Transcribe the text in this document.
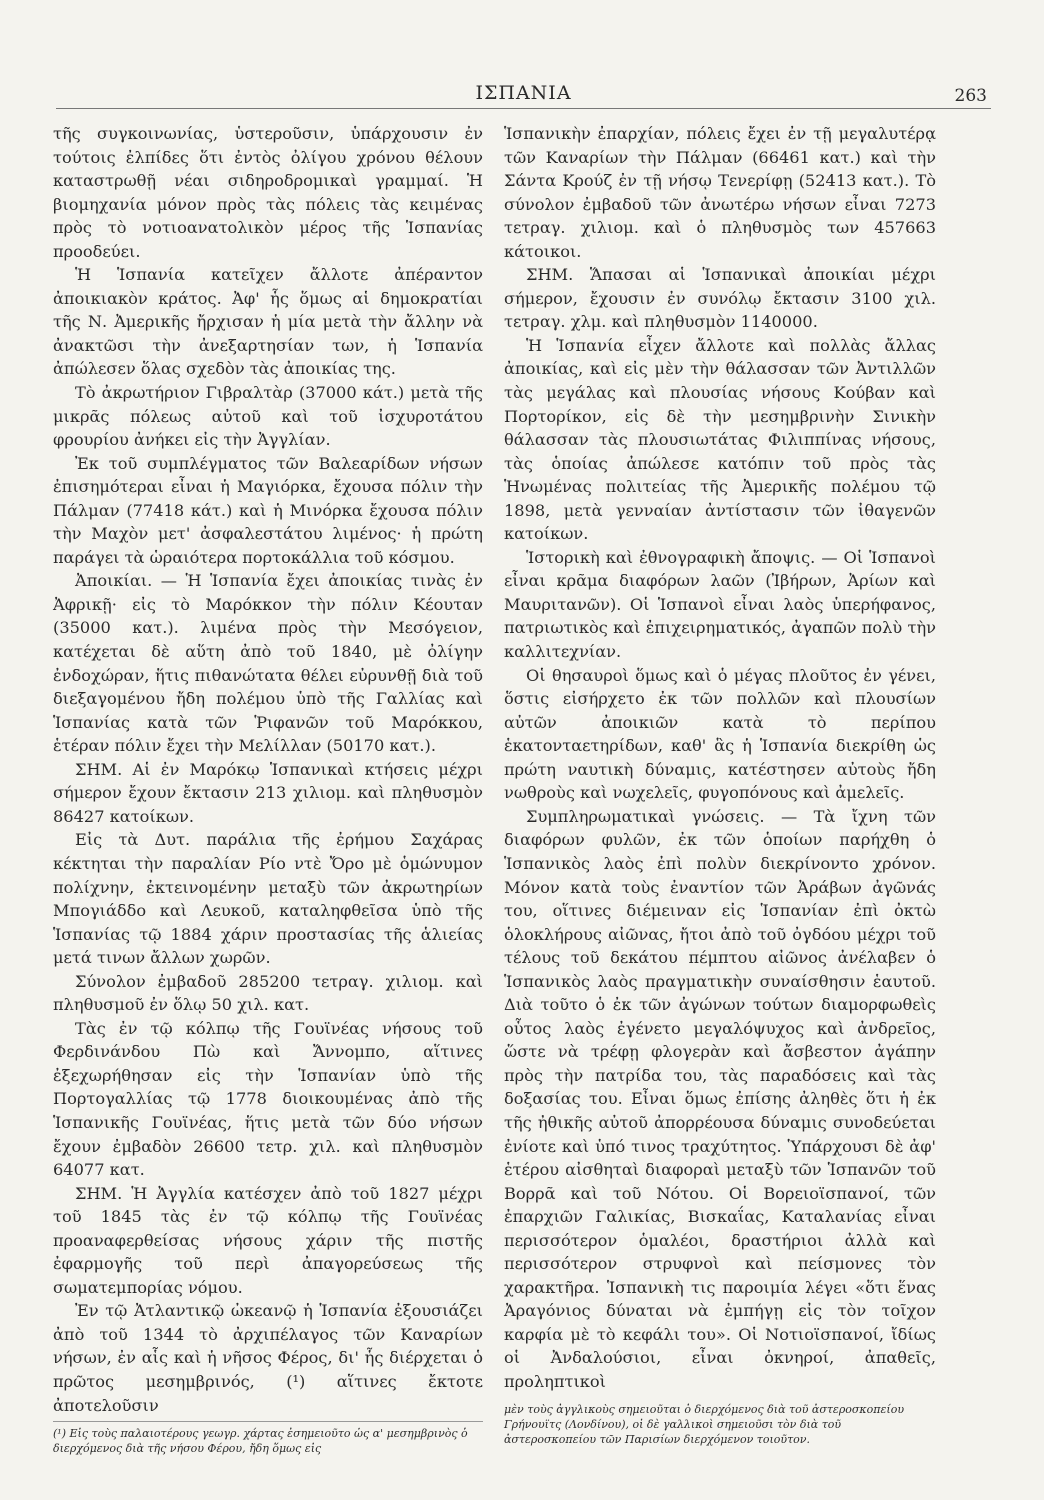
ΙΣΠΑΝΙΑ	263

τῆς συγκοινωνίας, ὑστεροῦσιν, ὑπάρχουσιν ἐν τούτοις ἐλπίδες ὅτι ἐντὸς ὀλίγου χρόνου θέλουν καταστρωθῇ νέαι σιδηροδρομικαὶ γραμμαί. Ἡ βιομηχανία μόνον πρὸς τὰς πόλεις τὰς κειμένας πρὸς τὸ νοτιοανατολικὸν μέρος τῆς Ἱσπανίας προοδεύει.

Ἡ Ἱσπανία κατεῖχεν ἄλλοτε ἀπέραντον ἀποικιακὸν κράτος. Ἀφ' ἧς ὅμως αἱ δημοκρατίαι τῆς Ν. Ἀμερικῆς ἤρχισαν ἡ μία μετὰ τὴν ἄλλην νὰ ἀνακτῶσι τὴν ἀνεξαρτησίαν των, ἡ Ἱσπανία ἀπώλεσεν ὅλας σχεδὸν τὰς ἀποικίας της.

Τὸ ἀκρωτήριον Γιβραλτὰρ (37000 κάτ.) μετὰ τῆς μικρᾶς πόλεως αὐτοῦ καὶ τοῦ ἰσχυροτάτου φρουρίου ἀνήκει εἰς τὴν Ἀγγλίαν.

Ἐκ τοῦ συμπλέγματος τῶν Βαλεαρίδων νήσων ἐπισημότεραι εἶναι ἡ Μαγιόρκα, ἔχουσα πόλιν τὴν Πάλμαν (77418 κάτ.) καὶ ἡ Μινόρκα ἔχουσα πόλιν τὴν Μαχὸν μετ' ἀσφαλεστάτου λιμένος· ἡ πρώτη παράγει τὰ ὡραιότερα πορτοκάλλια τοῦ κόσμου.

Ἀποικίαι. — Ἡ Ἱσπανία ἔχει ἀποικίας τινὰς ἐν Ἀφρικῇ· εἰς τὸ Μαρόκκον τὴν πόλιν Κέουταν (35000 κατ.). λιμένα πρὸς τὴν Μεσόγειον, κατέχεται δὲ αὕτη ἀπὸ τοῦ 1840, μὲ ὀλίγην ἐνδοχώραν, ἥτις πιθανώτατα θέλει εὐρυνθῇ διὰ τοῦ διεξαγομένου ἤδη πολέμου ὑπὸ τῆς Γαλλίας καὶ Ἱσπανίας κατὰ τῶν Ῥιφανῶν τοῦ Μαρόκκου, ἑτέραν πόλιν ἔχει τὴν Μελίλλαν (50170 κατ.).

ΣΗΜ. Αἱ ἐν Μαρόκῳ Ἱσπανικαὶ κτήσεις μέχρι σήμερον ἔχουν ἔκτασιν 213 χιλιομ. καὶ πληθυσμὸν 86427 κατοίκων.

Εἰς τὰ Δυτ. παράλια τῆς ἐρήμου Σαχάρας κέκτηται τὴν παραλίαν Ρίο ντὲ Ὄρο μὲ ὁμώνυμον πολίχνην, ἐκτεινομένην μεταξὺ τῶν ἀκρωτηρίων Μπογιάδδο καὶ Λευκοῦ, καταληφθεῖσα ὑπὸ τῆς Ἱσπανίας τῷ 1884 χάριν προστασίας τῆς ἁλιείας μετά τινων ἄλλων χωρῶν.

Σύνολον ἐμβαδοῦ 285200 τετραγ. χιλιομ. καὶ πληθυσμοῦ ἐν ὅλῳ 50 χιλ. κατ.

Τὰς ἐν τῷ κόλπῳ τῆς Γουϊνέας νήσους τοῦ Φερδινάνδου Πὼ καὶ Ἄννομπο, αἵτινες ἐξεχωρήθησαν εἰς τὴν Ἱσπανίαν ὑπὸ τῆς Πορτογαλλίας τῷ 1778 διοικουμένας ἀπὸ τῆς Ἱσπανικῆς Γουϊνέας, ἥτις μετὰ τῶν δύο νήσων ἔχουν ἐμβαδὸν 26600 τετρ. χιλ. καὶ πληθυσμὸν 64077 κατ.

ΣΗΜ. Ἡ Ἀγγλία κατέσχεν ἀπὸ τοῦ 1827 μέχρι τοῦ 1845 τὰς ἐν τῷ κόλπῳ τῆς Γουϊνέας προαναφερθείσας νήσους χάριν τῆς πιστῆς ἐφαρμογῆς τοῦ περὶ ἀπαγορεύσεως τῆς σωματεμπορίας νόμου.

Ἐν τῷ Ἀτλαντικῷ ὠκεανῷ ἡ Ἱσπανία ἐξουσιάζει ἀπὸ τοῦ 1344 τὸ ἀρχιπέλαγος τῶν Καναρίων νήσων, ἐν αἷς καὶ ἡ νῆσος Φέρος, δι' ἧς διέρχεται ὁ πρῶτος μεσημβρινός, (¹) αἵτινες ἔκτοτε ἀποτελοῦσιν

(¹) Εἰς τοὺς παλαιοτέρους γεωγρ. χάρτας ἐσημειοῦτο ὡς α' μεσημβρινὸς ὁ διερχόμενος διὰ τῆς νήσου Φέρου, ἤδη ὅμως εἰς

Ἱσπανικὴν ἐπαρχίαν, πόλεις ἔχει ἐν τῇ μεγαλυτέρᾳ τῶν Καναρίων τὴν Πάλμαν (66461 κατ.) καὶ τὴν Σάντα Κρούζ ἐν τῇ νήσῳ Τενερίφῃ (52413 κατ.). Τὸ σύνολον ἐμβαδοῦ τῶν ἀνωτέρω νήσων εἶναι 7273 τετραγ. χιλιομ. καὶ ὁ πληθυσμὸς των 457663 κάτοικοι.

ΣΗΜ. Ἅπασαι αἱ Ἱσπανικαὶ ἀποικίαι μέχρι σήμερον, ἔχουσιν ἐν συνόλῳ ἔκτασιν 3100 χιλ. τετραγ. χλμ. καὶ πληθυσμὸν 1140000.

Ἡ Ἱσπανία εἶχεν ἄλλοτε καὶ πολλὰς ἄλλας ἀποικίας, καὶ εἰς μὲν τὴν θάλασσαν τῶν Ἀντιλλῶν τὰς μεγάλας καὶ πλουσίας νήσους Κούβαν καὶ Πορτορίκον, εἰς δὲ τὴν μεσημβρινὴν Σινικὴν θάλασσαν τὰς πλουσιωτάτας Φιλιππίνας νήσους, τὰς ὁποίας ἀπώλεσε κατόπιν τοῦ πρὸς τὰς Ἡνωμένας πολιτείας τῆς Ἀμερικῆς πολέμου τῷ 1898, μετὰ γενναίαν ἀντίστασιν τῶν ἰθαγενῶν κατοίκων.

Ἱστορικὴ καὶ ἐθνογραφικὴ ἄποψις. — Οἱ Ἱσπανοὶ εἶναι κρᾶμα διαφόρων λαῶν (Ἰβήρων, Ἀρίων καὶ Μαυριτανῶν). Οἱ Ἱσπανοὶ εἶναι λαὸς ὑπερήφανος, πατριωτικὸς καὶ ἐπιχειρηματικός, ἀγαπῶν πολὺ τὴν καλλιτεχνίαν.

Οἱ θησαυροὶ ὅμως καὶ ὁ μέγας πλοῦτος ἐν γένει, ὅστις εἰσήρχετο ἐκ τῶν πολλῶν καὶ πλουσίων αὐτῶν ἀποικιῶν κατὰ τὸ περίπου ἑκατονταετηρίδων, καθ' ἃς ἡ Ἱσπανία διεκρίθη ὡς πρώτη ναυτικὴ δύναμις, κατέστησεν αὐτοὺς ἤδη νωθροὺς καὶ νωχελεῖς, φυγοπόνους καὶ ἀμελεῖς.

Συμπληρωματικαὶ γνώσεις. — Τὰ ἴχνη τῶν διαφόρων φυλῶν, ἐκ τῶν ὁποίων παρήχθη ὁ Ἱσπανικὸς λαὸς ἐπὶ πολὺν διεκρίνοντο χρόνον. Μόνον κατὰ τοὺς ἐναντίον τῶν Ἀράβων ἀγῶνάς του, οἵτινες διέμειναν εἰς Ἱσπανίαν ἐπὶ ὀκτὼ ὁλοκλήρους αἰῶνας, ἤτοι ἀπὸ τοῦ ὀγδόου μέχρι τοῦ τέλους τοῦ δεκάτου πέμπτου αἰῶνος ἀνέλαβεν ὁ Ἱσπανικὸς λαὸς πραγματικὴν συναίσθησιν ἑαυτοῦ. Διὰ τοῦτο ὁ ἐκ τῶν ἀγώνων τούτων διαμορφωθεὶς οὗτος λαὸς ἐγένετο μεγαλόψυχος καὶ ἀνδρεῖος, ὥστε νὰ τρέφῃ φλογερὰν καὶ ἄσβεστον ἀγάπην πρὸς τὴν πατρίδα του, τὰς παραδόσεις καὶ τὰς δοξασίας του. Εἶναι ὅμως ἐπίσης ἀληθὲς ὅτι ἡ ἐκ τῆς ἠθικῆς αὐτοῦ ἀπορρέουσα δύναμις συνοδεύεται ἐνίοτε καὶ ὑπό τινος τραχύτητος. Ὑπάρχουσι δὲ ἀφ' ἑτέρου αἰσθηταὶ διαφοραὶ μεταξὺ τῶν Ἱσπανῶν τοῦ Βορρᾶ καὶ τοῦ Νότου. Οἱ Βορειοϊσπανοί, τῶν ἐπαρχιῶν Γαλικίας, Βισκαΐας, Καταλανίας εἶναι περισσότερον ὁμαλέοι, δραστήριοι ἀλλὰ καὶ περισσότερον στρυφνοὶ καὶ πείσμονες τὸν χαρακτῆρα. Ἱσπανικὴ τις παροιμία λέγει «ὅτι ἕνας Ἀραγόνιος δύναται νὰ ἐμπήγῃ εἰς τὸν τοῖχον καρφία μὲ τὸ κεφάλι του». Οἱ Νοτιοϊσπανοί, ἴδίως οἱ Ἀνδαλούσιοι, εἶναι ὀκνηροί, ἀπαθεῖς, προληπτικοὶ

μὲν τοὺς ἀγγλικοὺς σημειοῦται ὁ διερχόμενος διὰ τοῦ ἀστεροσκοπείου Γρήνουϊτς (Λονδίνου), οἱ δὲ γαλλικοὶ σημειοῦσι τὸν διὰ τοῦ ἀστεροσκοπείου τῶν Παρισίων διερχόμενον τοιοῦτον.
